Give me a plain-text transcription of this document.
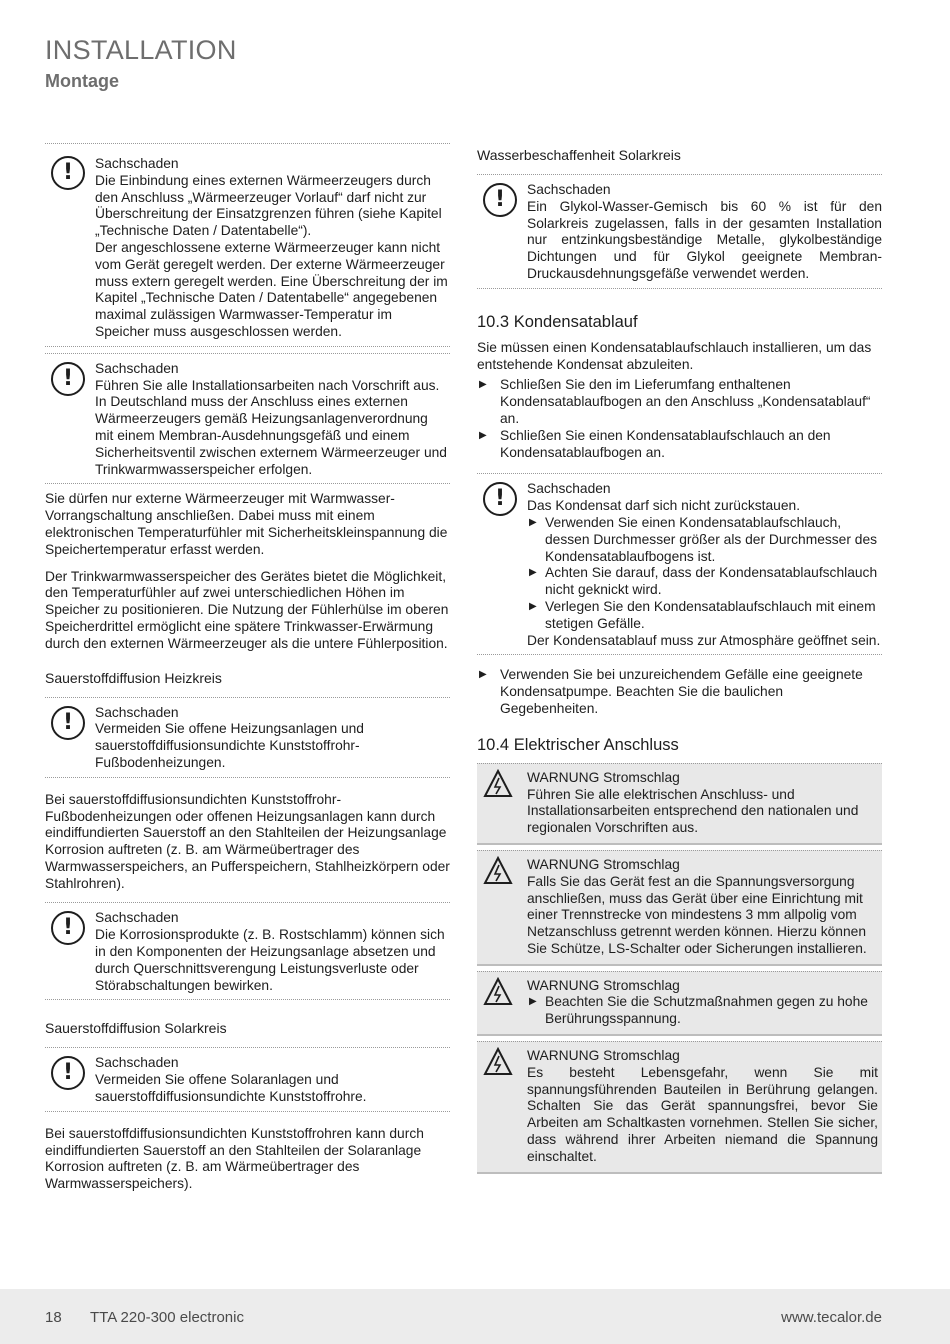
INSTALLATION
Montage
!	Sachschaden

Die Einbindung eines externen Wärmeerzeugers durch den Anschluss „Wärmeerzeuger Vorlauf“ darf nicht zur Überschreitung der Einsatzgrenzen führen (siehe Kapitel „Technische Daten / Datentabelle“).

Der angeschlossene externe Wärmeerzeuger kann nicht vom Gerät geregelt werden. Der externe Wärmeerzeuger muss extern geregelt werden. Eine Überschreitung der im Kapitel „Technische Daten / Datentabelle“ angegebenen maximal zulässigen Warmwasser-Temperatur im Speicher muss ausgeschlossen werden.

!	Sachschaden

Führen Sie alle Installationsarbeiten nach Vorschrift aus. In Deutschland muss der Anschluss eines externen Wärmeerzeugers gemäß Heizungsanlagenverordnung mit einem Membran-Ausdehnungsgefäß und einem Sicherheitsventil zwischen externem Wärmeerzeuger und Trinkwarmwasserspeicher erfolgen.

Sie dürfen nur externe Wärmeerzeuger mit Warmwasser-Vorrangschaltung anschließen. Dabei muss mit einem elektronischen Temperaturfühler mit Sicherheitskleinspannung die Speichertemperatur erfasst werden.

Der Trinkwarmwasserspeicher des Gerätes bietet die Möglichkeit, den Temperaturfühler auf zwei unterschiedlichen Höhen im Speicher zu positionieren. Die Nutzung der Fühlerhülse im oberen Speicherdrittel ermöglicht eine spätere Trinkwasser-Erwärmung durch den externen Wärmeerzeuger als die untere Fühlerposition.

Sauerstoffdiffusion Heizkreis
!	Sachschaden

Vermeiden Sie offene Heizungsanlagen und sauerstoffdiffusionsundichte Kunststoffrohr-Fußbodenheizungen.

Bei sauerstoffdiffusionsundichten Kunststoffrohr-Fußbodenheizungen oder offenen Heizungsanlagen kann durch eindiffundierten Sauerstoff an den Stahlteilen der Heizungsanlage Korrosion auftreten (z. B. am Wärmeübertrager des Warmwasserspeichers, an Pufferspeichern, Stahlheizkörpern oder Stahlrohren).

!	Sachschaden

Die Korrosionsprodukte (z. B. Rostschlamm) können sich in den Komponenten der Heizungsanlage absetzen und durch Querschnittsverengung Leistungsverluste oder Störabschaltungen bewirken.

Sauerstoffdiffusion Solarkreis
!	Sachschaden

Vermeiden Sie offene Solaranlagen und sauerstoffdiffusionsundichte Kunststoffrohre.

Bei sauerstoffdiffusionsundichten Kunststoffrohren kann durch eindiffundierten Sauerstoff an den Stahlteilen der Solaranlage Korrosion auftreten (z. B. am Wärmeübertrager des Warmwasserspeichers).

Wasserbeschaffenheit Solarkreis
!	Sachschaden

Ein Glykol-Wasser-Gemisch bis 60 % ist für den Solarkreis zugelassen, falls in der gesamten Installation nur entzinkungsbeständige Metalle, glykolbeständige Dichtungen und für Glykol geeignete Membran-Druckausdehnungsgefäße verwendet werden.

10.3 Kondensatablauf

Sie müssen einen Kondensatablaufschlauch installieren, um das entstehende Kondensat abzuleiten.

▶ Schließen Sie den im Lieferumfang enthaltenen Kondensatablaufbogen an den Anschluss „Kondensatablauf“ an.
▶ Schließen Sie einen Kondensatablaufschlauch an den Kondensatablaufbogen an.
!	Sachschaden

Das Kondensat darf sich nicht zurückstauen.

▶ Verwenden Sie einen Kondensatablaufschlauch, dessen Durchmesser größer als der Durchmesser des Kondensatablaufbogens ist.
▶ Achten Sie darauf, dass der Kondensatablaufschlauch nicht geknickt wird.
▶ Verlegen Sie den Kondensatablaufschlauch mit einem stetigen Gefälle.

Der Kondensatablauf muss zur Atmosphäre geöffnet sein.

▶ Verwenden Sie bei unzureichendem Gefälle eine geeignete Kondensatpumpe. Beachten Sie die baulichen Gegebenheiten.
10.4 Elektrischer Anschluss
WARNUNG Stromschlag

Führen Sie alle elektrischen Anschluss- und Installationsarbeiten entsprechend den nationalen und regionalen Vorschriften aus.

WARNUNG Stromschlag

Falls Sie das Gerät fest an die Spannungsversorgung anschließen, muss das Gerät über eine Einrichtung mit einer Trennstrecke von mindestens 3 mm allpolig vom Netzanschluss getrennt werden können. Hierzu können Sie Schütze, LS-Schalter oder Sicherungen installieren.

WARNUNG Stromschlag
▶ Beachten Sie die Schutzmaßnahmen gegen zu hohe Berührungsspannung.
WARNUNG Stromschlag

Es besteht Lebensgefahr, wenn Sie mit spannungsführenden Bauteilen in Berührung gelangen. Schalten Sie das Gerät spannungsfrei, bevor Sie Arbeiten am Schaltkasten vornehmen. Stellen Sie sicher, dass während ihrer Arbeiten niemand die Spannung einschaltet.

18 TTA 220-300 electronic	www.tecalor.de
